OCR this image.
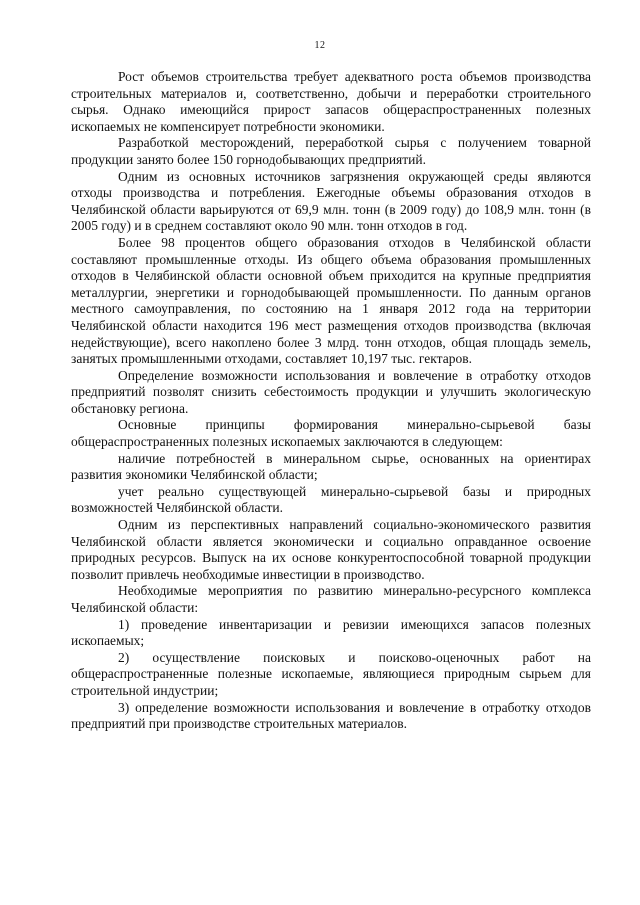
12

Рост объемов строительства требует адекватного роста объемов производства строительных материалов и, соответственно, добычи и переработки строительного сырья. Однако имеющийся прирост запасов общераспространенных полезных ископаемых не компенсирует потребности экономики.

Разработкой месторождений, переработкой сырья с получением товарной продукции занято более 150 горнодобывающих предприятий.

Одним из основных источников загрязнения окружающей среды являются отходы производства и потребления. Ежегодные объемы образования отходов в Челябинской области варьируются от 69,9 млн. тонн (в 2009 году) до 108,9 млн. тонн (в 2005 году) и в среднем составляют около 90 млн. тонн отходов в год.

Более 98 процентов общего образования отходов в Челябинской области составляют промышленные отходы. Из общего объема образования промышленных отходов в Челябинской области основной объем приходится на крупные предприятия металлургии, энергетики и горнодобывающей промышленности. По данным органов местного самоуправления, по состоянию на 1 января 2012 года на территории Челябинской области находится 196 мест размещения отходов производства (включая недействующие), всего накоплено более 3 млрд. тонн отходов, общая площадь земель, занятых промышленными отходами, составляет 10,197 тыс. гектаров.

Определение возможности использования и вовлечение в отработку отходов предприятий позволят снизить себестоимость продукции и улучшить экологическую обстановку региона.

Основные принципы формирования минерально-сырьевой базы общераспространенных полезных ископаемых заключаются в следующем:

наличие потребностей в минеральном сырье, основанных на ориентирах развития экономики Челябинской области;

учет реально существующей минерально-сырьевой базы и природных возможностей Челябинской области.

Одним из перспективных направлений социально-экономического развития Челябинской области является экономически и социально оправданное освоение природных ресурсов. Выпуск на их основе конкурентоспособной товарной продукции позволит привлечь необходимые инвестиции в производство.

Необходимые мероприятия по развитию минерально-ресурсного комплекса Челябинской области:

1) проведение инвентаризации и ревизии имеющихся запасов полезных ископаемых;

2) осуществление поисковых и поисково-оценочных работ на общераспространенные полезные ископаемые, являющиеся природным сырьем для строительной индустрии;

3) определение возможности использования и вовлечение в отработку отходов предприятий при производстве строительных материалов.
